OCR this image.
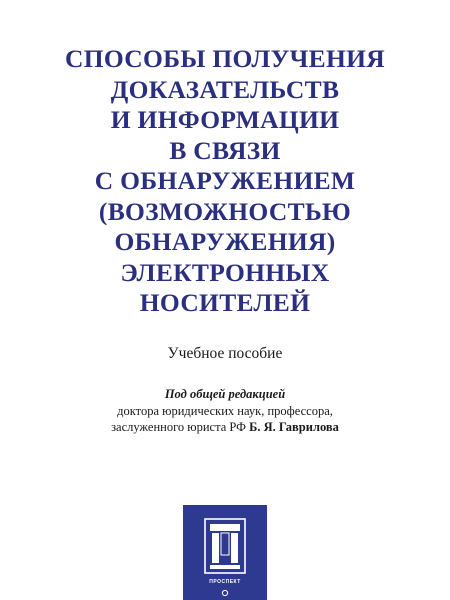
СПОСОБЫ ПОЛУЧЕНИЯ
ДОКАЗАТЕЛЬСТВ
И ИНФОРМАЦИИ
В СВЯЗИ
С ОБНАРУЖЕНИЕМ
(ВОЗМОЖНОСТЬЮ
ОБНАРУЖЕНИЯ)
ЭЛЕКТРОННЫХ
НОСИТЕЛЕЙ

Учебное пособие

Под общей редакцией
доктора юридических наук, профессора,
заслуженного юриста РФ Б. Я. Гаврилова
ПРОСПЕКТ
